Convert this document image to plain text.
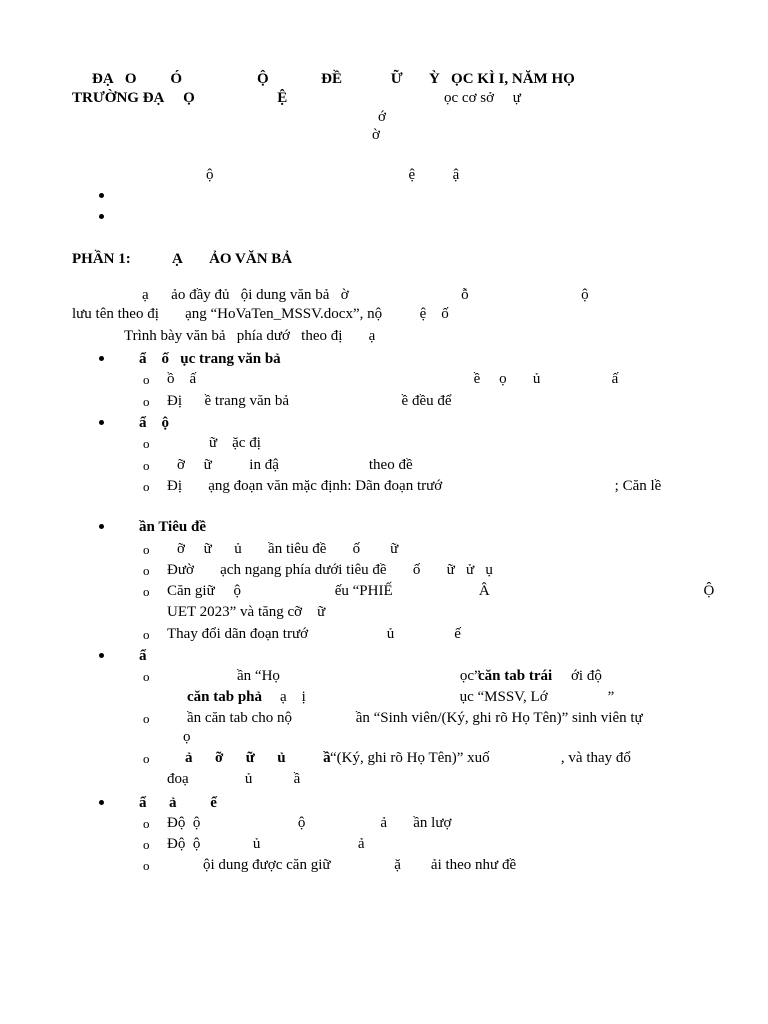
ĐẠ   O         Ó                    Ộ              ĐỀ             Ữ       Ỳ   ỌC KÌ I, NĂM HỌ
TRƯỜNG ĐẠ     Ọ                      Ệ	ọc cơ sở     ự
ớ
ờ
ộ                                                    ệ          ậ
PHẦN 1:           Ạ       ẢO VĂN BẢ
ạ      ảo đầy đủ   ội dung văn bả   ờ                              ỗ                              ộ
lưu tên theo đị       ạng “HoVaTen_MSSV.docx”, nộ          ệ    ố
Trình bày văn bả   phía dướ   theo đị       ạ
ẩ    ố   ục trang văn bả
o ồ    ấ                                                                          ề     ọ       ủ                   ấ
o Đị      ề trang văn bả                              ề đều để
ẩ    ộ
o	ữ    ặc đị
o ỡ     ữ          in đậ                        theo đề
o Đị       ạng đoạn văn mặc định: Dãn đoạn trướ                                              ; Căn lề
ần Tiêu đề
o ỡ     ữ      ủ       ần tiêu đề       ố        ữ
o Đườ       ạch ngang phía dưới tiêu đề       ố       ữ   ử   ụ
o Căn giữ     ộ                         ếu “PHIẾ                       Â                                                         Ộ
UET 2023” và tăng cỡ    ữ
o Thay đổi dãn đoạn trướ                     ủ                ế
ẩ
o	ần “Họ                                                ọc”
căn tab trái ới độ
căn tab phả ạ    ị                                         ục “MSSV, Lớ                ”
o	ần căn tab cho nộ                 ần “Sinh viên/(Ký, ghi rõ Họ Tên)” sinh viên tự
ọ
o ả      ỡ      ữ      ủ          ầ “(Ký, ghi rõ Họ Tên)” xuố                   , và thay đổ
đoạ               ủ           ầ
ẩ      ả         ể
o Độ  ộ                          ộ                    ả       ần lượ
o Độ  ộ              ủ                          ả
o	ội dung được căn giữ                 ặ        ải theo như đề
